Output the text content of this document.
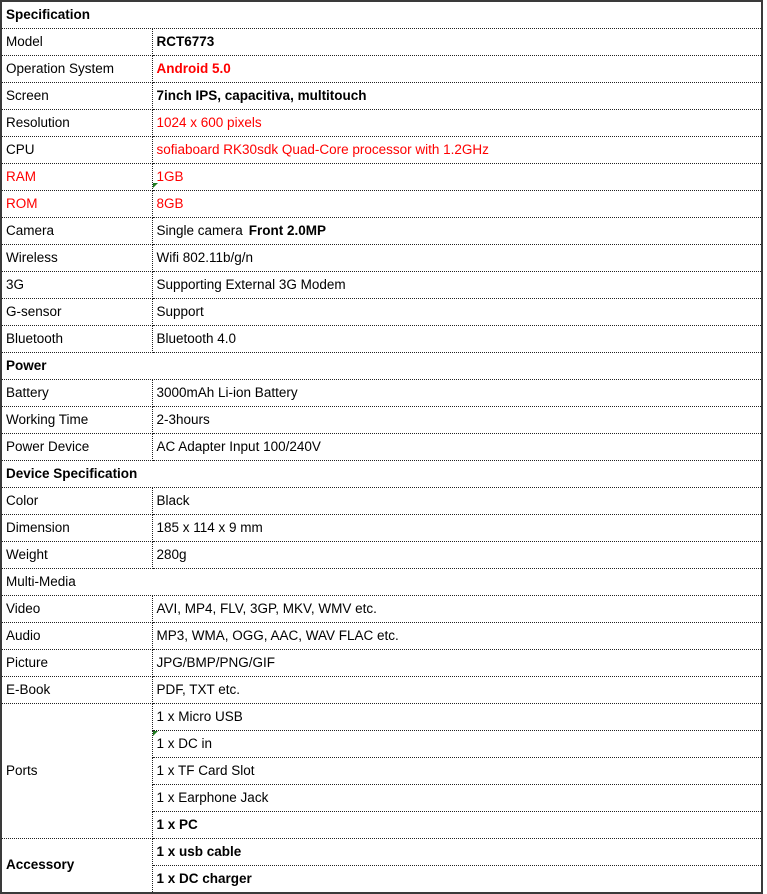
Specification	
Model	RCT6773
Operation System	Android 5.0
Screen	7inch IPS, capacitiva, multitouch
Resolution	1024 x 600 pixels
CPU	sofiaboard RK30sdk Quad-Core processor with 1.2GHz
RAM	1GB
ROM	8GB
Camera	Single camera Front 2.0MP
Wireless	Wifi 802.11b/g/n
3G	Supporting External 3G Modem
G-sensor	Support
Bluetooth	Bluetooth 4.0
Power	
Battery	3000mAh Li-ion Battery
Working Time	2-3hours
Power Device	AC Adapter Input 100/240V
Device Specification	
Color	Black
Dimension	185 x 114 x 9 mm
Weight	280g
Multi-Media	
Video	AVI, MP4, FLV, 3GP, MKV, WMV etc.
Audio	MP3, WMA, OGG, AAC, WAV FLAC etc.
Picture	JPG/BMP/PNG/GIF
E-Book	PDF, TXT etc.
Ports	1 x Micro USB
	1 x DC in
	1 x TF Card Slot
	1 x Earphone Jack
	1 x PC
Accessory	1 x usb cable
	1 x DC charger
